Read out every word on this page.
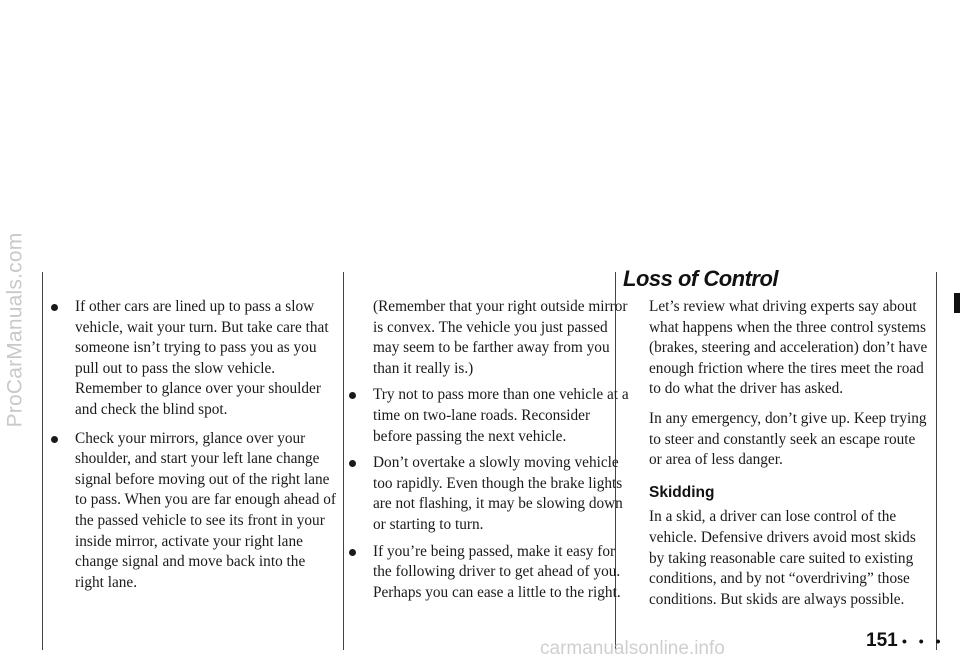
ProCarManuals.com	If other cars are lined up to pass a slow vehicle, wait your turn. But take care that someone isn’t trying to pass you as you pull out to pass the slow vehicle. Remember to glance over your shoulder and check the blind spot.
Check your mirrors, glance over your shoulder, and start your left lane change signal before moving out of the right lane to pass. When you are far enough ahead of the passed vehicle to see its front in your inside mirror, activate your right lane change signal and move back into the right lane.

(Remember that your right outside mirror is convex. The vehicle you just passed may seem to be farther away from you than it really is.)

Try not to pass more than one vehicle at a time on two-lane roads. Reconsider before passing the next vehicle.
Don’t overtake a slowly moving vehicle too rapidly. Even though the brake lights are not flashing, it may be slowing down or starting to turn.
If you’re being passed, make it easy for the following driver to get ahead of you. Perhaps you can ease a little to the right.
Loss of Control

Let’s review what driving experts say about what happens when the three control systems (brakes, steering and acceleration) don’t have enough friction where the tires meet the road to do what the driver has asked.

In any emergency, don’t give up. Keep trying to steer and constantly seek an escape route or area of less danger.

Skidding

In a skid, a driver can lose control of the vehicle. Defensive drivers avoid most skids by taking reasonable care suited to existing conditions, and by not “overdriving” those conditions. But skids are always possible.

151 • • •
carmanualsonline.info
